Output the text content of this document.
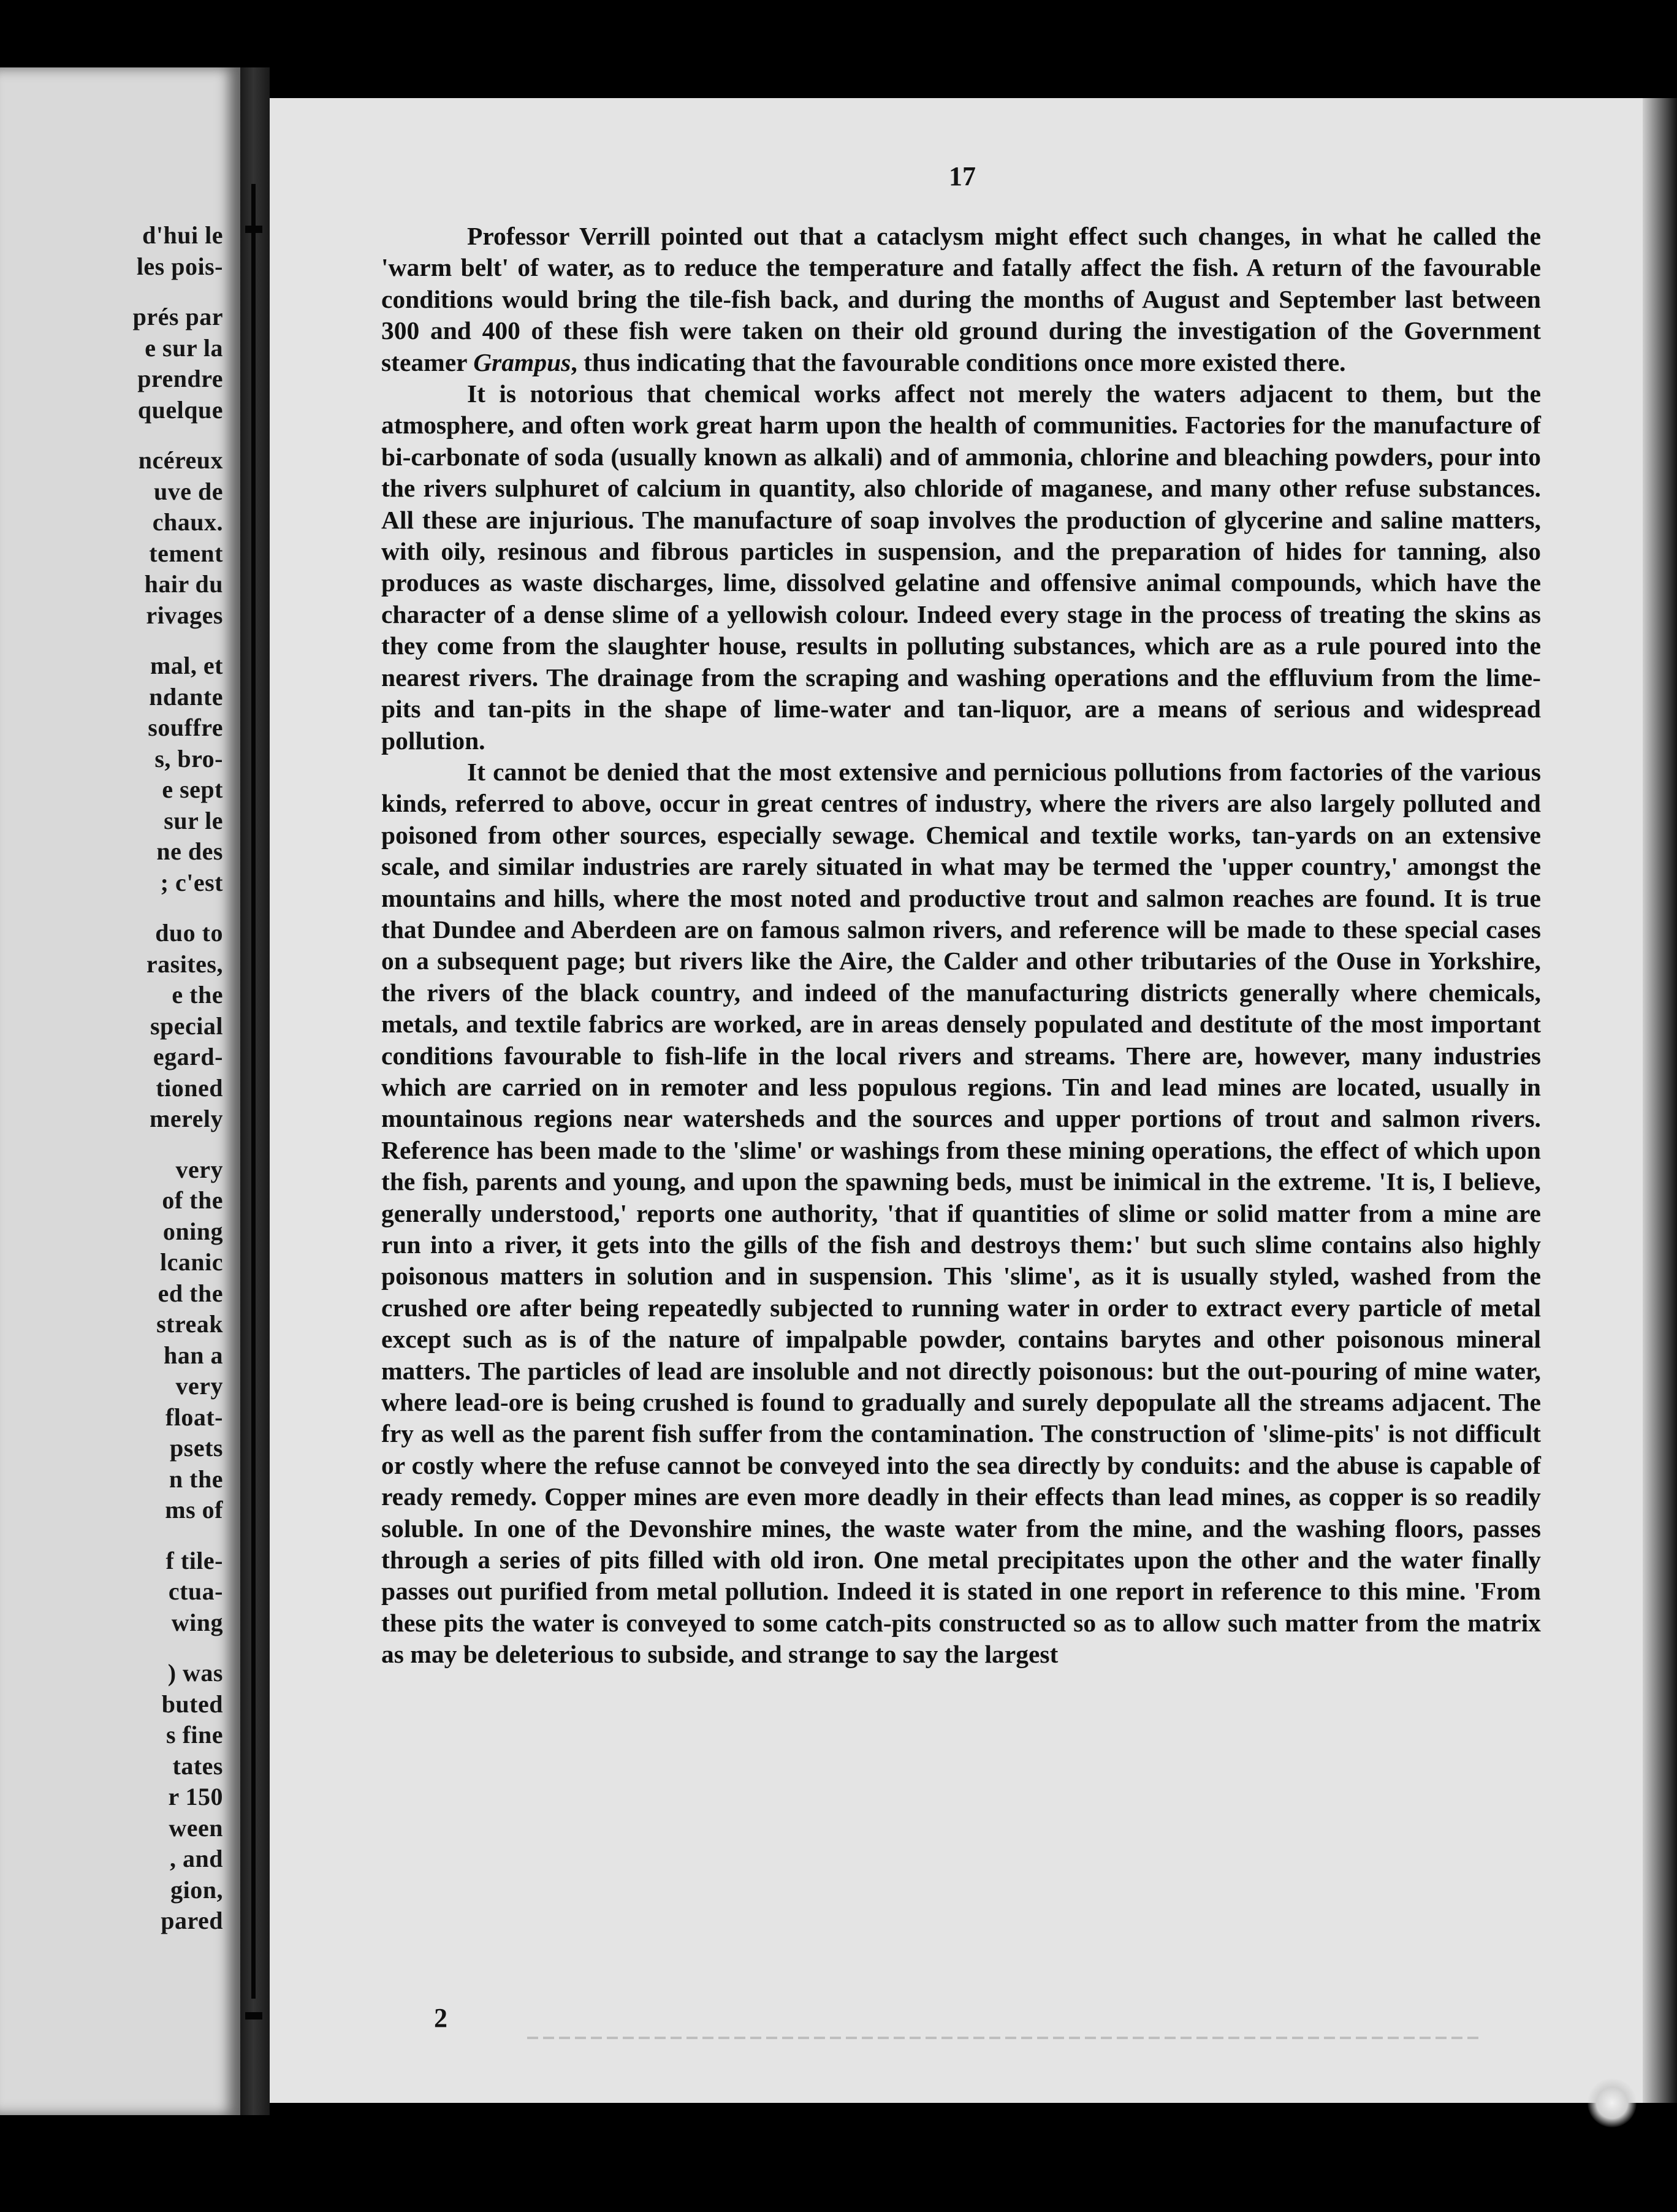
d'hui le
les pois-
prés par
e sur la
prendre
quelque
ncéreux
uve de
chaux.
tement
hair du
rivages
mal, et
ndante
souffre
s, bro-
e sept
sur le
ne des
; c'est
duo to
rasites,
e the
special
egard-
tioned
merely
very
of the
oning
lcanic
ed the
streak
han a
very
float-
psets
n the
ms of
f tile-
ctua-
wing
) was
buted
s fine
tates
r 150
ween
, and
gion,
pared
17

Professor Verrill pointed out that a cataclysm might effect such changes, in what he called the 'warm belt' of water, as to reduce the temperature and fatally affect the fish. A return of the favourable conditions would bring the tile-fish back, and during the months of August and September last between 300 and 400 of these fish were taken on their old ground during the investigation of the Government steamer Grampus, thus indicating that the favourable conditions once more existed there.

It is notorious that chemical works affect not merely the waters adjacent to them, but the atmosphere, and often work great harm upon the health of communities. Factories for the manufacture of bi-carbonate of soda (usually known as alkali) and of ammonia, chlorine and bleaching powders, pour into the rivers sulphuret of calcium in quantity, also chloride of maganese, and many other refuse substances. All these are injurious. The manufacture of soap involves the production of glycerine and saline matters, with oily, resinous and fibrous particles in suspension, and the preparation of hides for tanning, also produces as waste discharges, lime, dissolved gelatine and offensive animal compounds, which have the character of a dense slime of a yellowish colour. Indeed every stage in the process of treating the skins as they come from the slaughter house, results in polluting substances, which are as a rule poured into the nearest rivers. The drainage from the scraping and washing operations and the effluvium from the lime-pits and tan-pits in the shape of lime-water and tan-liquor, are a means of serious and widespread pollution.

It cannot be denied that the most extensive and pernicious pollutions from factories of the various kinds, referred to above, occur in great centres of industry, where the rivers are also largely polluted and poisoned from other sources, especially sewage. Chemical and textile works, tan-yards on an extensive scale, and similar industries are rarely situated in what may be termed the 'upper country,' amongst the mountains and hills, where the most noted and productive trout and salmon reaches are found. It is true that Dundee and Aberdeen are on famous salmon rivers, and reference will be made to these special cases on a subsequent page; but rivers like the Aire, the Calder and other tributaries of the Ouse in Yorkshire, the rivers of the black country, and indeed of the manufacturing districts generally where chemicals, metals, and textile fabrics are worked, are in areas densely populated and destitute of the most important conditions favourable to fish-life in the local rivers and streams. There are, however, many industries which are carried on in remoter and less populous regions. Tin and lead mines are located, usually in mountainous regions near watersheds and the sources and upper portions of trout and salmon rivers. Reference has been made to the 'slime' or washings from these mining operations, the effect of which upon the fish, parents and young, and upon the spawning beds, must be inimical in the extreme. 'It is, I believe, generally understood,' reports one authority, 'that if quantities of slime or solid matter from a mine are run into a river, it gets into the gills of the fish and destroys them:' but such slime contains also highly poisonous matters in solution and in suspension. This 'slime', as it is usually styled, washed from the crushed ore after being repeatedly subjected to running water in order to extract every particle of metal except such as is of the nature of impalpable powder, contains barytes and other poisonous mineral matters. The particles of lead are insoluble and not directly poisonous: but the out-pouring of mine water, where lead-ore is being crushed is found to gradually and surely depopulate all the streams adjacent. The fry as well as the parent fish suffer from the contamination. The construction of 'slime-pits' is not difficult or costly where the refuse cannot be conveyed into the sea directly by conduits: and the abuse is capable of ready remedy. Copper mines are even more deadly in their effects than lead mines, as copper is so readily soluble. In one of the Devonshire mines, the waste water from the mine, and the washing floors, passes through a series of pits filled with old iron. One metal precipitates upon the other and the water finally passes out purified from metal pollution. Indeed it is stated in one report in reference to this mine. 'From these pits the water is conveyed to some catch-pits constructed so as to allow such matter from the matrix as may be deleterious to subside, and strange to say the largest

2
